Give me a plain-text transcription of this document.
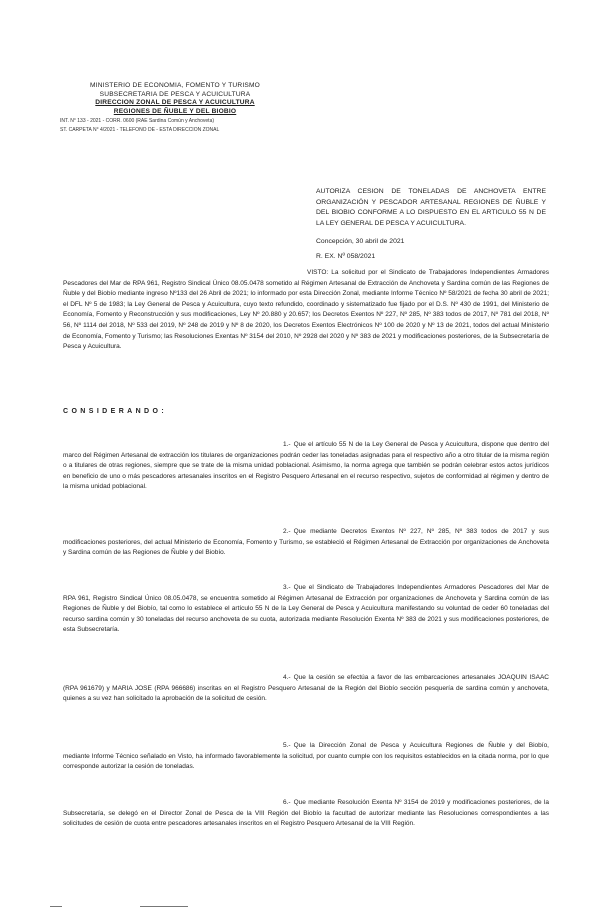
MINISTERIO DE ECONOMIA, FOMENTO Y TURISMO
SUBSECRETARIA DE PESCA Y ACUICULTURA
DIRECCION ZONAL DE PESCA Y ACUICULTURA
REGIONES DE ÑUBLE Y DEL BIOBIO
INT. N° 133 - 2021 - CORR. 0600 (RAE Sardina Común y Anchoveta)
ST. CARPETA N° 4/2021 - TELEFONO DE - ESTA DIRECCION ZONAL
AUTORIZA CESION DE TONELADAS DE ANCHOVETA ENTRE ORGANIZACIÓN Y PESCADOR ARTESANAL REGIONES DE ÑUBLE Y DEL BIOBIO CONFORME A LO DISPUESTO EN EL ARTICULO 55 N DE LA LEY GENERAL DE PESCA Y ACUICULTURA.
Concepción, 30 abril de 2021
R. EX. Nº 058/2021
VISTO: La solicitud por el Sindicato de Trabajadores Independientes Armadores Pescadores del Mar de RPA 961, Registro Sindical Único 08.05.0478 sometido al Régimen Artesanal de Extracción de Anchoveta y Sardina común de las Regiones de Ñuble y del Biobío mediante ingreso Nº133 del 26 Abril de 2021; lo informado por esta Dirección Zonal, mediante Informe Técnico Nº 58/2021 de fecha 30 abril de 2021; el DFL Nº 5 de 1983; la Ley General de Pesca y Acuicultura, cuyo texto refundido, coordinado y sistematizado fue fijado por el D.S. Nº 430 de 1991, del Ministerio de Economía, Fomento y Reconstrucción y sus modificaciones, Ley Nº 20.880 y 20.657; los Decretos Exentos Nº 227, Nº 285, Nº 383 todos de 2017, Nº 781 del 2018, Nº 56, Nº 1114 del 2018, Nº 533 del 2019, Nº 248 de 2019 y Nº 8 de 2020, los Decretos Exentos Electrónicos Nº 100 de 2020 y Nº 13 de 2021, todos del actual Ministerio de Economía, Fomento y Turismo; las Resoluciones Exentas Nº 3154 del 2010, Nº 2928 del 2020 y Nº 383 de 2021 y modificaciones posteriores, de la Subsecretaría de Pesca y Acuicultura.
CONSIDERANDO:
1.- Que el artículo 55 N de la Ley General de Pesca y Acuicultura, dispone que dentro del marco del Régimen Artesanal de extracción los titulares de organizaciones podrán ceder las toneladas asignadas para el respectivo año a otro titular de la misma región o a titulares de otras regiones, siempre que se trate de la misma unidad poblacional. Asimismo, la norma agrega que también se podrán celebrar estos actos jurídicos en beneficio de uno o más pescadores artesanales inscritos en el Registro Pesquero Artesanal en el recurso respectivo, sujetos de conformidad al régimen y dentro de la misma unidad poblacional.
2.- Que mediante Decretos Exentos Nº 227, Nº 285, Nº 383 todos de 2017 y sus modificaciones posteriores, del actual Ministerio de Economía, Fomento y Turismo, se estableció el Régimen Artesanal de Extracción por organizaciones de Anchoveta y Sardina común de las Regiones de Ñuble y del Biobío.
3.- Que el Sindicato de Trabajadores Independientes Armadores Pescadores del Mar de RPA 961, Registro Sindical Único 08.05.0478, se encuentra sometido al Régimen Artesanal de Extracción por organizaciones de Anchoveta y Sardina común de las Regiones de Ñuble y del Biobío, tal como lo establece el artículo 55 N de la Ley General de Pesca y Acuicultura manifestando su voluntad de ceder 60 toneladas del recurso sardina común y 30 toneladas del recurso anchoveta de su cuota, autorizada mediante Resolución Exenta Nº 383 de 2021 y sus modificaciones posteriores, de esta Subsecretaría.
4.- Que la cesión se efectúa a favor de las embarcaciones artesanales JOAQUIN ISAAC (RPA 961679) y MARIA JOSE (RPA 966686) inscritas en el Registro Pesquero Artesanal de la Región del Biobío sección pesquería de sardina común y anchoveta, quienes a su vez han solicitado la aprobación de la solicitud de cesión.
5.- Que la Dirección Zonal de Pesca y Acuicultura Regiones de Ñuble y del Biobío, mediante Informe Técnico señalado en Visto, ha informado favorablemente la solicitud, por cuanto cumple con los requisitos establecidos en la citada norma, por lo que corresponde autorizar la cesión de toneladas.
6.- Que mediante Resolución Exenta Nº 3154 de 2019 y modificaciones posteriores, de la Subsecretaría, se delegó en el Director Zonal de Pesca de la VIII Región del Biobío la facultad de autorizar mediante las Resoluciones correspondientes a las solicitudes de cesión de cuota entre pescadores artesanales inscritos en el Registro Pesquero Artesanal de la VIII Región.
